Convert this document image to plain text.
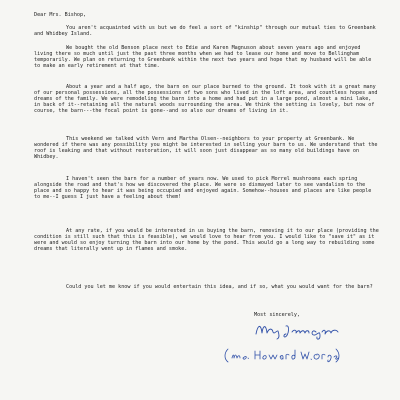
Dear Mrs. Bishop,
You aren't acquainted with us but we do feel a sort of "kinship" through our mutual ties to Greenbank and Whidbey Island.
We bought the old Benson place next to Edie and Karen Magnuson about seven years ago and enjoyed living there so much until just the past three months when we had to lease our home and move to Bellingham temporarily. We plan on returning to Greenbank within the next two years and hope that my husband will be able to make an early retirement at that time.
About a year and a half ago, the barn on our place burned to the ground. It took with it a great many of our personal possessions, all the possessions of two sons who lived in the loft area, and countless hopes and dreams of the family. We were remodeling the barn into a home and had put in a large pond, almost a mini lake, in back of it--retaining all the natural woods surrounding the area. We think the setting is lovely, but now of course, the barn---the focal point is gone--and so also our dreams of living in it.
This weekend we talked with Vern and Martha Olsen--neighbors to your property at Greenbank. We wondered if there was any possibility you might be interested in selling your barn to us. We understand that the roof is leaking and that without restoration, it will soon just disappear as so many old buildings have on Whidbey.
I haven't seen the barn for a number of years now. We used to pick Morrel mushrooms each spring alongside the road and that's how we discovered the place. We were so dismayed later to see vandalism to the place and so happy to hear it was being occupied and enjoyed again. Somehow--houses and places are like people to me--I guess I just have a feeling about them!
At any rate, if you would be interested in us buying the barn, removing it to our place (providing the condition is still such that this is feasible), we would love to hear from you. I would like to "save it" as it were and would so enjoy turning the barn into our home by the pond. This would go a long way to rebuilding some dreams that literally went up in flames and smoke.
Could you let me know if you would entertain this idea, and if so, what you would want for the barn?
Most sincerely,
